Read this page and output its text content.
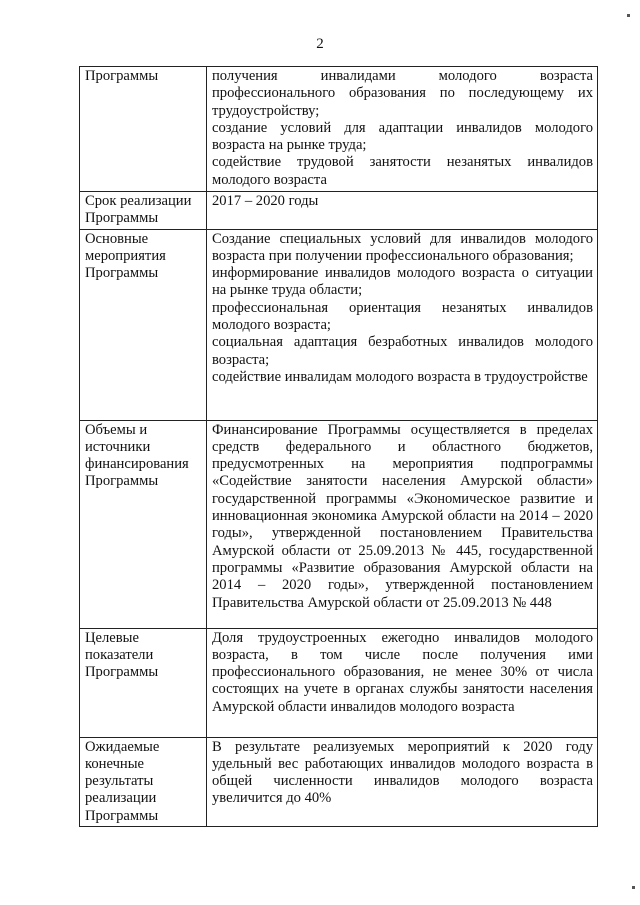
2
Программы	получения инвалидами молодого возраста профессионального образования по последующему их трудоустройству;
создание условий для адаптации инвалидов молодого возраста на рынке труда;
содействие трудовой занятости незанятых инвалидов молодого возраста

Срок реализации Программы	2017 – 2020 годы

Основные мероприятия Программы	Создание специальных условий для инвалидов молодого возраста при получении профессионального образования;
информирование инвалидов молодого возраста о ситуации на рынке труда области;
профессиональная ориентация незанятых инвалидов молодого возраста;
социальная адаптация безработных инвалидов молодого возраста;
содействие инвалидам молодого возраста в трудоустройстве

Объемы и источники финансирования Программы	Финансирование Программы осуществляется в пределах средств федерального и областного бюджетов, предусмотренных на мероприятия подпрограммы «Содействие занятости населения Амурской области» государственной программы «Экономическое развитие и инновационная экономика Амурской области на 2014 – 2020 годы», утвержденной постановлением Правительства Амурской области от 25.09.2013 № 445, государственной программы «Развитие образования Амурской области на 2014 – 2020 годы», утвержденной постановлением Правительства Амурской области от 25.09.2013 № 448

Целевые показатели Программы	Доля трудоустроенных ежегодно инвалидов молодого возраста, в том числе после получения ими профессионального образования, не менее 30% от числа состоящих на учете в органах службы занятости населения Амурской области инвалидов молодого возраста

Ожидаемые конечные результаты реализации Программы	В результате реализуемых мероприятий к 2020 году удельный вес работающих инвалидов молодого возраста в общей численности инвалидов молодого возраста увеличится до 40%
